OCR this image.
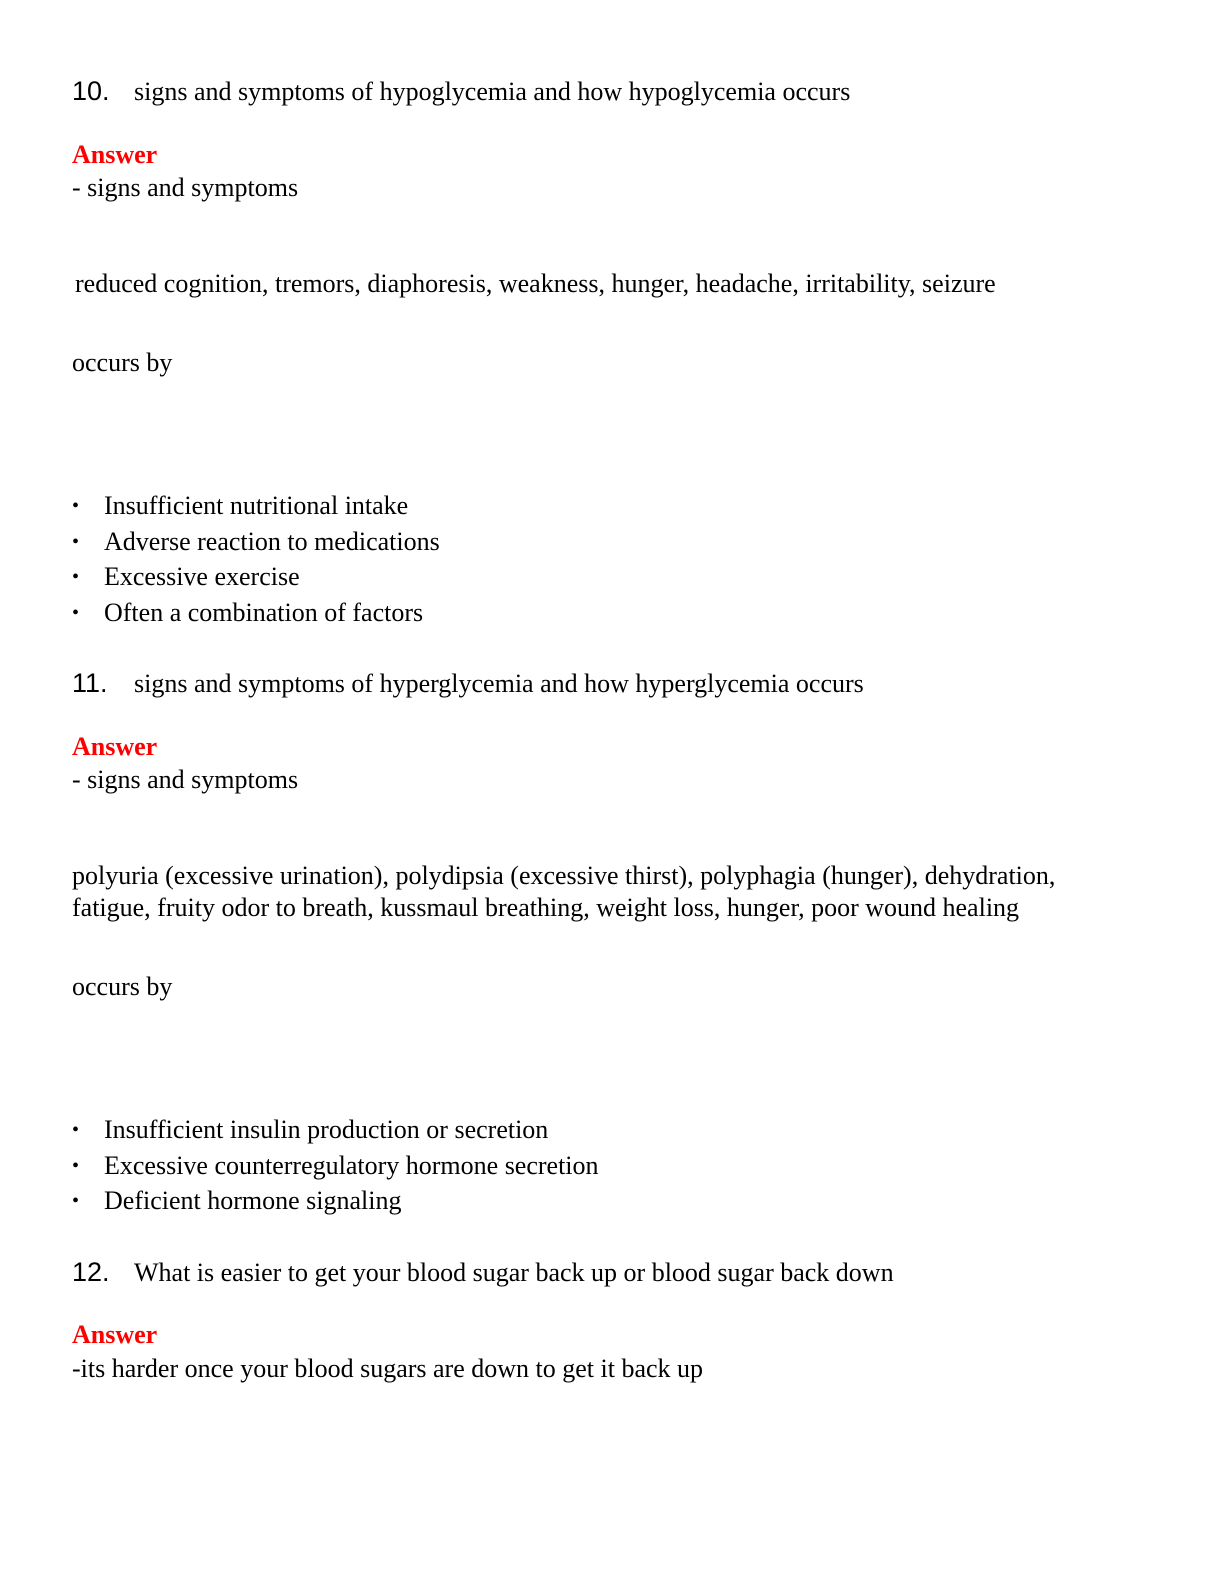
10. signs and symptoms of hypoglycemia and how hypoglycemia occurs
Answer
- signs and symptoms
reduced cognition, tremors, diaphoresis, weakness, hunger, headache, irritability, seizure
occurs by
• Insufficient nutritional intake
• Adverse reaction to medications
• Excessive exercise
• Often a combination of factors
11. signs and symptoms of hyperglycemia and how hyperglycemia occurs
Answer
- signs and symptoms
polyuria (excessive urination), polydipsia (excessive thirst), polyphagia (hunger), dehydration,
fatigue, fruity odor to breath, kussmaul breathing, weight loss, hunger, poor wound healing
occurs by
• Insufficient insulin production or secretion
• Excessive counterregulatory hormone secretion
• Deficient hormone signaling
12. What is easier to get your blood sugar back up or blood sugar back down
Answer
-its harder once your blood sugars are down to get it back up
